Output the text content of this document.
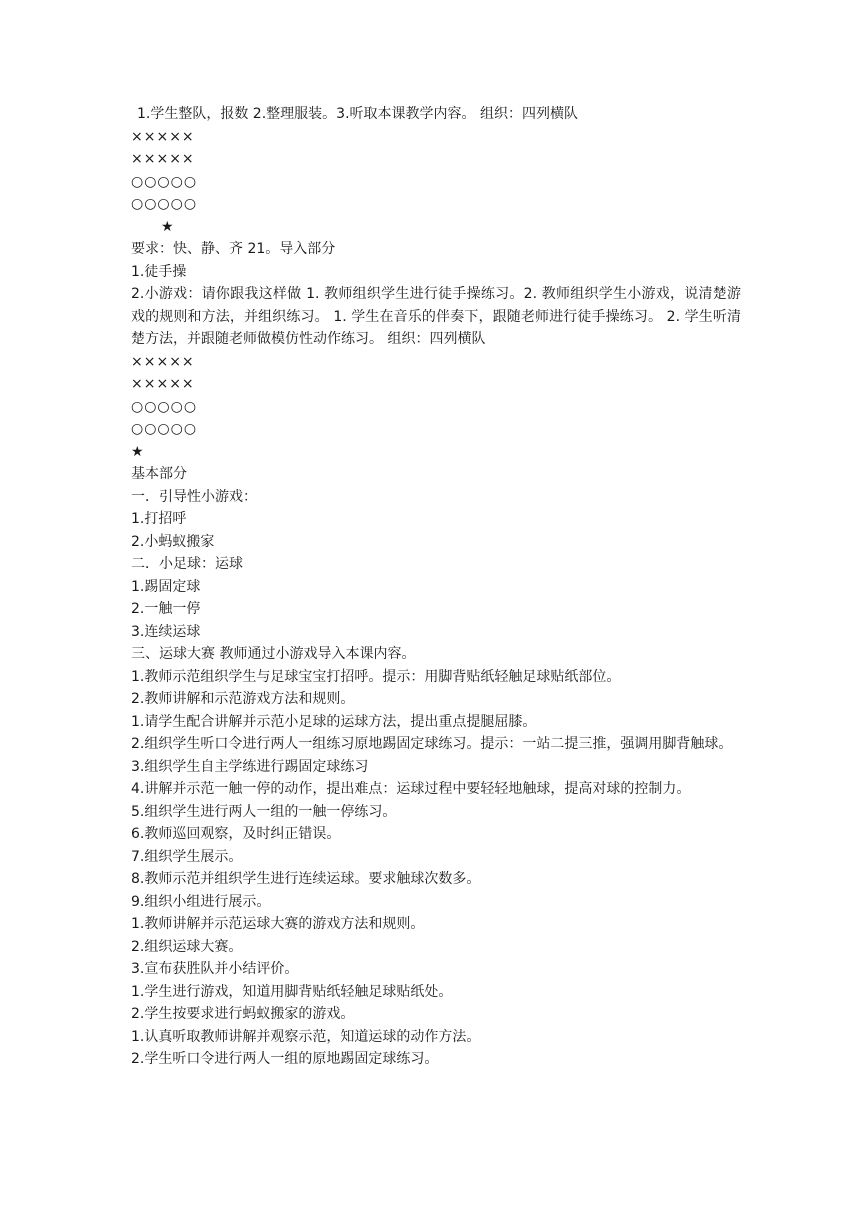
1.学生整队，报数 2.整理服装。3.听取本课教学内容。 组织：四列横队
×××××
×××××
○○○○○
○○○○○
★
要求：快、静、齐 21。导入部分
1.徒手操
2.小游戏：请你跟我这样做 1. 教师组织学生进行徒手操练习。2. 教师组织学生小游戏，说清楚游戏的规则和方法，并组织练习。 1. 学生在音乐的伴奏下，跟随老师进行徒手操练习。 2. 学生听清楚方法，并跟随老师做模仿性动作练习。 组织：四列横队
×××××
×××××
○○○○○
○○○○○
★
基本部分
一．引导性小游戏：
1.打招呼
2.小蚂蚁搬家
二．小足球：运球
1.踢固定球
2.一触一停
3.连续运球
三、运球大赛 教师通过小游戏导入本课内容。
1.教师示范组织学生与足球宝宝打招呼。提示：用脚背贴纸轻触足球贴纸部位。
2.教师讲解和示范游戏方法和规则。
1.请学生配合讲解并示范小足球的运球方法，提出重点提腿屈膝。
2.组织学生听口令进行两人一组练习原地踢固定球练习。提示：一站二提三推，强调用脚背触球。
3.组织学生自主学练进行踢固定球练习
4.讲解并示范一触一停的动作，提出难点：运球过程中要轻轻地触球，提高对球的控制力。
5.组织学生进行两人一组的一触一停练习。
6.教师巡回观察，及时纠正错误。
7.组织学生展示。
8.教师示范并组织学生进行连续运球。要求触球次数多。
9.组织小组进行展示。
1.教师讲解并示范运球大赛的游戏方法和规则。
2.组织运球大赛。
3.宣布获胜队并小结评价。
1.学生进行游戏，知道用脚背贴纸轻触足球贴纸处。
2.学生按要求进行蚂蚁搬家的游戏。
1.认真听取教师讲解并观察示范，知道运球的动作方法。
2.学生听口令进行两人一组的原地踢固定球练习。
